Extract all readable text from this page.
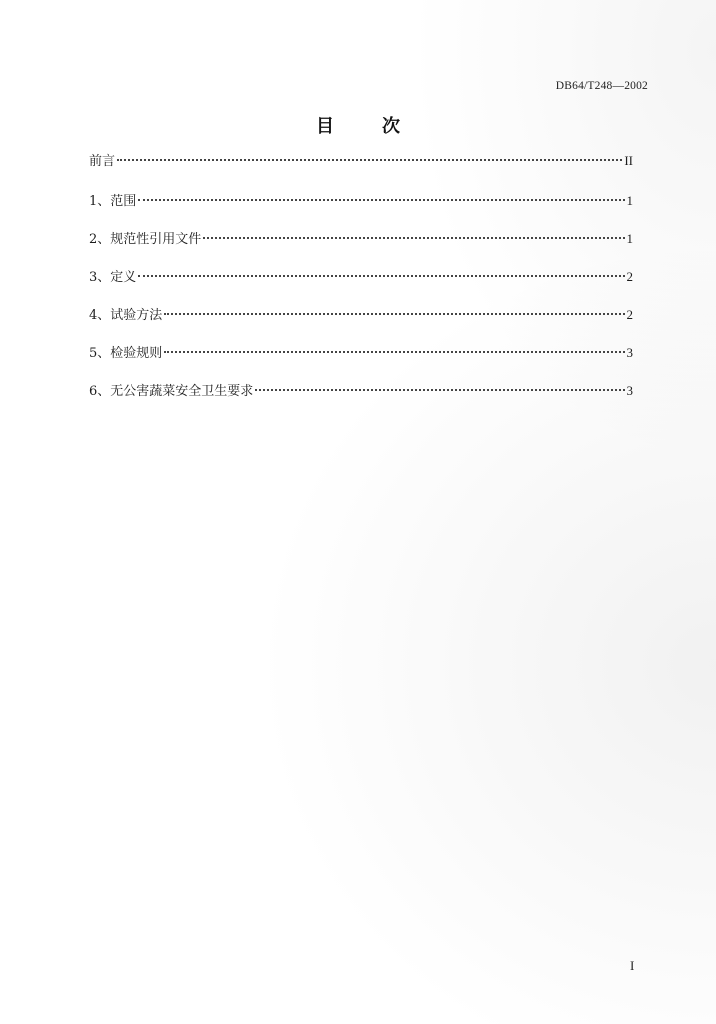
DB64/T248—2002
目	次
前言	II
1、范围	1
2、规范性引用文件	1
3、定义	2
4、试验方法	2
5、检验规则	3
6、无公害蔬菜安全卫生要求	3
I
